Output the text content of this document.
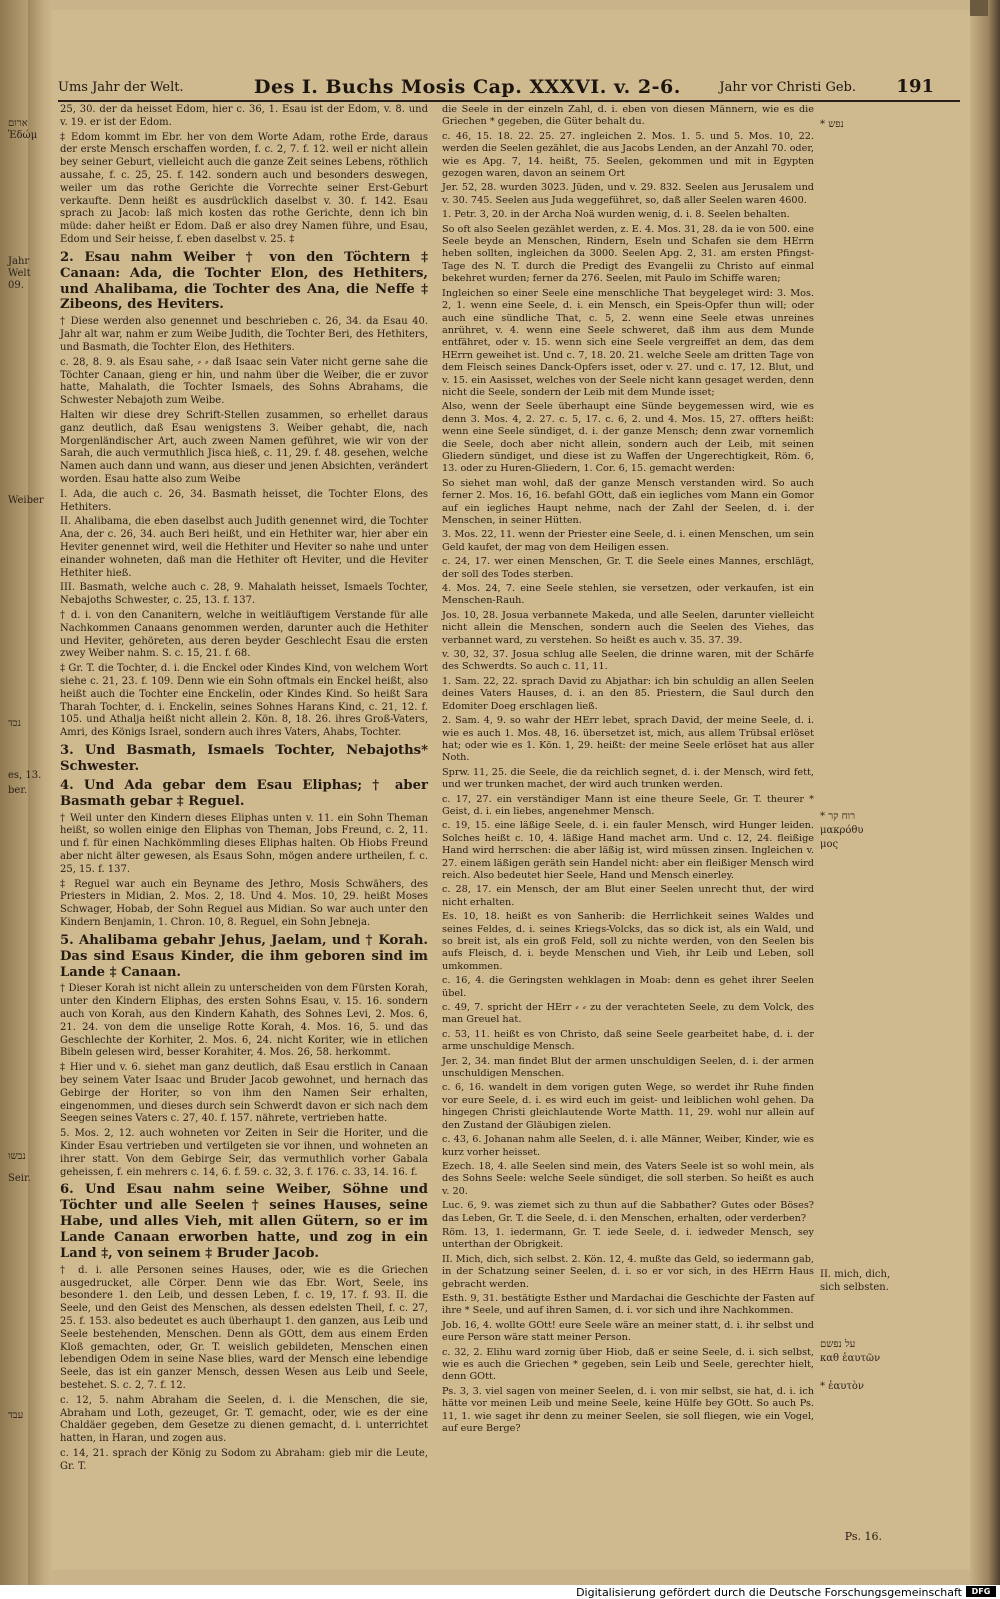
Ums Jahr der Welt.	Des I. Buchs Mosis Cap. XXXVI. v. 2-6.	Jahr vor Christi Geb. 191

25, 30. der da heisset Edom, hier c. 36, 1. Esau ist der Edom, v. 8. und v. 19. er ist der Edom.

‡ Edom kommt im Ebr. her von dem Worte Adam, rothe Erde, daraus der erste Mensch erschaffen worden, f. c. 2, 7. f. 12. weil er nicht allein bey seiner Geburt, vielleicht auch die ganze Zeit seines Lebens, röthlich aussahe, f. c. 25, 25. f. 142. sondern auch und besonders deswegen, weiler um das rothe Gerichte die Vorrechte seiner Erst-Geburt verkaufte. Denn heißt es ausdrücklich daselbst v. 30. f. 142. Esau sprach zu Jacob: laß mich kosten das rothe Gerichte, denn ich bin müde: daher heißt er Edom. Daß er also drey Namen führe, und Esau, Edom und Seir heisse, f. eben daselbst v. 25. ‡

2. Esau nahm Weiber † von den Töchtern ‡ Canaan: Ada, die Tochter Elon, des Hethiters, und Ahalibama, die Tochter des Ana, die Neffe ‡ Zibeons, des Heviters.

† Diese werden also genennet und beschrieben c. 26, 34. da Esau 40. Jahr alt war, nahm er zum Weibe Judith, die Tochter Beri, des Hethiters, und Basmath, die Tochter Elon, des Hethiters.

c. 28, 8. 9. als Esau sahe, ⸗ ⸗ daß Isaac sein Vater nicht gerne sahe die Töchter Canaan, gieng er hin, und nahm über die Weiber, die er zuvor hatte, Mahalath, die Tochter Ismaels, des Sohns Abrahams, die Schwester Nebajoth zum Weibe.

Halten wir diese drey Schrift-Stellen zusammen, so erhellet daraus ganz deutlich, daß Esau wenigstens 3. Weiber gehabt, die, nach Morgenländischer Art, auch zween Namen geführet, wie wir von der Sarah, die auch vermuthlich Jisca hieß, c. 11, 29. f. 48. gesehen, welche Namen auch dann und wann, aus dieser und jenen Absichten, verändert worden. Esau hatte also zum Weibe

I. Ada, die auch c. 26, 34. Basmath heisset, die Tochter Elons, des Hethiters.

II. Ahalibama, die eben daselbst auch Judith genennet wird, die Tochter Ana, der c. 26, 34. auch Beri heißt, und ein Hethiter war, hier aber ein Heviter genennet wird, weil die Hethiter und Heviter so nahe und unter einander wohneten, daß man die Hethiter oft Heviter, und die Heviter Hethiter hieß.

III. Basmath, welche auch c. 28, 9. Mahalath heisset, Ismaels Tochter, Nebajoths Schwester, c. 25, 13. f. 137.

† d. i. von den Cananitern, welche in weitläuftigem Verstande für alle Nachkommen Canaans genommen werden, darunter auch die Hethiter und Heviter, gehöreten, aus deren beyder Geschlecht Esau die ersten zwey Weiber nahm. S. c. 15, 21. f. 68.

‡ Gr. T. die Tochter, d. i. die Enckel oder Kindes Kind, von welchem Wort siehe c. 21, 23. f. 109. Denn wie ein Sohn oftmals ein Enckel heißt, also heißt auch die Tochter eine Enckelin, oder Kindes Kind. So heißt Sara Tharah Tochter, d. i. Enckelin, seines Sohnes Harans Kind, c. 21, 12. f. 105. und Athalja heißt nicht allein 2. Kön. 8, 18. 26. ihres Groß-Vaters, Amri, des Königs Israel, sondern auch ihres Vaters, Ahabs, Tochter.

3. Und Basmath, Ismaels Tochter, Nebajoths* Schwester.

4. Und Ada gebar dem Esau Eliphas; † aber Basmath gebar ‡ Reguel.

† Weil unter den Kindern dieses Eliphas unten v. 11. ein Sohn Theman heißt, so wollen einige den Eliphas von Theman, Jobs Freund, c. 2, 11. und f. für einen Nachkömmling dieses Eliphas halten. Ob Hiobs Freund aber nicht älter gewesen, als Esaus Sohn, mögen andere urtheilen, f. c. 25, 15. f. 137.

‡ Reguel war auch ein Beyname des Jethro, Mosis Schwähers, des Priesters in Midian, 2. Mos. 2, 18. Und 4. Mos. 10, 29. heißt Moses Schwager, Hobab, der Sohn Reguel aus Midian. So war auch unter den Kindern Benjamin, 1. Chron. 10, 8. Reguel, ein Sohn Jebneja.

5. Ahalibama gebahr Jehus, Jaelam, und † Korah. Das sind Esaus Kinder, die ihm geboren sind im Lande ‡ Canaan.

† Dieser Korah ist nicht allein zu unterscheiden von dem Fürsten Korah, unter den Kindern Eliphas, des ersten Sohns Esau, v. 15. 16. sondern auch von Korah, aus den Kindern Kahath, des Sohnes Levi, 2. Mos. 6, 21. 24. von dem die unselige Rotte Korah, 4. Mos. 16, 5. und das Geschlechte der Korhiter, 2. Mos. 6, 24. nicht Koriter, wie in etlichen Bibeln gelesen wird, besser Korahiter, 4. Mos. 26, 58. herkommt.

‡ Hier und v. 6. siehet man ganz deutlich, daß Esau erstlich in Canaan bey seinem Vater Isaac und Bruder Jacob gewohnet, und hernach das Gebirge der Horiter, so von ihm den Namen Seir erhalten, eingenommen, und dieses durch sein Schwerdt davon er sich nach dem Seegen seines Vaters c. 27, 40. f. 157. nährete, vertrieben hatte.

5. Mos. 2, 12. auch wohneten vor Zeiten in Seir die Horiter, und die Kinder Esau vertrieben und vertilgeten sie vor ihnen, und wohneten an ihrer statt. Von dem Gebirge Seir, das vermuthlich vorher Gabala geheissen, f. ein mehrers c. 14, 6. f. 59. c. 32, 3. f. 176. c. 33, 14. 16. f.

6. Und Esau nahm seine Weiber, Söhne und Töchter und alle Seelen † seines Hauses, seine Habe, und alles Vieh, mit allen Gütern, so er im Lande Canaan erworben hatte, und zog in ein Land ‡, von seinem ‡ Bruder Jacob.

† d. i. alle Personen seines Hauses, oder, wie es die Griechen ausgedrucket, alle Cörper. Denn wie das Ebr. Wort, Seele, ins besondere 1. den Leib, und dessen Leben, f. c. 19, 17. f. 93. II. die Seele, und den Geist des Menschen, als dessen edelsten Theil, f. c. 27, 25. f. 153. also bedeutet es auch überhaupt 1. den ganzen, aus Leib und Seele bestehenden, Menschen. Denn als GOtt, dem aus einem Erden Kloß gemachten, oder, Gr. T. weislich gebildeten, Menschen einen lebendigen Odem in seine Nase blies, ward der Mensch eine lebendige Seele, das ist ein ganzer Mensch, dessen Wesen aus Leib und Seele, bestehet. S. c. 2, 7. f. 12.

c. 12, 5. nahm Abraham die Seelen, d. i. die Menschen, die sie, Abraham und Loth, gezeuget, Gr. T. gemacht, oder, wie es der eine Chaldäer gegeben, dem Gesetze zu dienen gemacht, d. i. unterrichtet hatten, in Haran, und zogen aus.

c. 14, 21. sprach der König zu Sodom zu Abraham: gieb mir die Leute, Gr. T.

die Seele in der einzeln Zahl, d. i. eben von diesen Männern, wie es die Griechen * gegeben, die Güter behalt du.

c. 46, 15. 18. 22. 25. 27. ingleichen 2. Mos. 1. 5. und 5. Mos. 10, 22. werden die Seelen gezählet, die aus Jacobs Lenden, an der Anzahl 70. oder, wie es Apg. 7, 14. heißt, 75. Seelen, gekommen und mit in Egypten gezogen waren, davon an seinem Ort

Jer. 52, 28. wurden 3023. Jüden, und v. 29. 832. Seelen aus Jerusalem und v. 30. 745. Seelen aus Juda weggeführet, so, daß aller Seelen waren 4600.

1. Petr. 3, 20. in der Archa Noä wurden wenig, d. i. 8. Seelen behalten.

So oft also Seelen gezählet werden, z. E. 4. Mos. 31, 28. da ie von 500. eine Seele beyde an Menschen, Rindern, Eseln und Schafen sie dem HErrn heben sollten, ingleichen da 3000. Seelen Apg. 2, 31. am ersten Pfingst-Tage des N. T. durch die Predigt des Evangelii zu Christo auf einmal bekehret wurden; ferner da 276. Seelen, mit Paulo im Schiffe waren;

Ingleichen so einer Seele eine menschliche That beygeleget wird: 3. Mos. 2, 1. wenn eine Seele, d. i. ein Mensch, ein Speis-Opfer thun will; oder auch eine sündliche That, c. 5, 2. wenn eine Seele etwas unreines anrühret, v. 4. wenn eine Seele schweret, daß ihm aus dem Munde entfähret, oder v. 15. wenn sich eine Seele vergreiffet an dem, das dem HErrn geweihet ist. Und c. 7, 18. 20. 21. welche Seele am dritten Tage von dem Fleisch seines Danck-Opfers isset, oder v. 27. und c. 17, 12. Blut, und v. 15. ein Aasisset, welches von der Seele nicht kann gesaget werden, denn nicht die Seele, sondern der Leib mit dem Munde isset;

Also, wenn der Seele überhaupt eine Sünde beygemessen wird, wie es denn 3. Mos. 4, 2. 27. c. 5, 17. c. 6, 2. und 4. Mos. 15, 27. offters heißt: wenn eine Seele sündiget, d. i. der ganze Mensch; denn zwar vornemlich die Seele, doch aber nicht allein, sondern auch der Leib, mit seinen Gliedern sündiget, und diese ist zu Waffen der Ungerechtigkeit, Röm. 6, 13. oder zu Huren-Gliedern, 1. Cor. 6, 15. gemacht werden:

So siehet man wohl, daß der ganze Mensch verstanden wird. So auch ferner 2. Mos. 16, 16. befahl GOtt, daß ein iegliches vom Mann ein Gomor auf ein iegliches Haupt nehme, nach der Zahl der Seelen, d. i. der Menschen, in seiner Hütten.

3. Mos. 22, 11. wenn der Priester eine Seele, d. i. einen Menschen, um sein Geld kaufet, der mag von dem Heiligen essen.

c. 24, 17. wer einen Menschen, Gr. T. die Seele eines Mannes, erschlägt, der soll des Todes sterben.

4. Mos. 24, 7. eine Seele stehlen, sie versetzen, oder verkaufen, ist ein Menschen-Rauh.

Jos. 10, 28. Josua verbannete Makeda, und alle Seelen, darunter vielleicht nicht allein die Menschen, sondern auch die Seelen des Viehes, das verbannet ward, zu verstehen. So heißt es auch v. 35. 37. 39.

v. 30, 32, 37. Josua schlug alle Seelen, die drinne waren, mit der Schärfe des Schwerdts. So auch c. 11, 11.

1. Sam. 22, 22. sprach David zu Abjathar: ich bin schuldig an allen Seelen deines Vaters Hauses, d. i. an den 85. Priestern, die Saul durch den Edomiter Doeg erschlagen ließ.

2. Sam. 4, 9. so wahr der HErr lebet, sprach David, der meine Seele, d. i. wie es auch 1. Mos. 48, 16. übersetzet ist, mich, aus allem Trübsal erlöset hat; oder wie es 1. Kön. 1, 29. heißt: der meine Seele erlöset hat aus aller Noth.

Sprw. 11, 25. die Seele, die da reichlich segnet, d. i. der Mensch, wird fett, und wer trunken machet, der wird auch trunken werden.

c. 17, 27. ein verständiger Mann ist eine theure Seele, Gr. T. theurer * Geist, d. i. ein liebes, angenehmer Mensch.

c. 19, 15. eine läßige Seele, d. i. ein fauler Mensch, wird Hunger leiden. Solches heißt c. 10, 4. läßige Hand machet arm. Und c. 12, 24. fleißige Hand wird herrschen: die aber läßig ist, wird müssen zinsen. Ingleichen v. 27. einem läßigen geräth sein Handel nicht: aber ein fleißiger Mensch wird reich. Also bedeutet hier Seele, Hand und Mensch einerley.

c. 28, 17. ein Mensch, der am Blut einer Seelen unrecht thut, der wird nicht erhalten.

Es. 10, 18. heißt es von Sanherib: die Herrlichkeit seines Waldes und seines Feldes, d. i. seines Kriegs-Volcks, das so dick ist, als ein Wald, und so breit ist, als ein groß Feld, soll zu nichte werden, von den Seelen bis aufs Fleisch, d. i. beyde Menschen und Vieh, ihr Leib und Leben, soll umkommen.

c. 16, 4. die Geringsten wehklagen in Moab: denn es gehet ihrer Seelen übel.

c. 49, 7. spricht der HErr ⸗ ⸗ zu der verachteten Seele, zu dem Volck, des man Greuel hat.

c. 53, 11. heißt es von Christo, daß seine Seele gearbeitet habe, d. i. der arme unschuldige Mensch.

Jer. 2, 34. man findet Blut der armen unschuldigen Seelen, d. i. der armen unschuldigen Menschen.

c. 6, 16. wandelt in dem vorigen guten Wege, so werdet ihr Ruhe finden vor eure Seele, d. i. es wird euch im geist- und leiblichen wohl gehen. Da hingegen Christi gleichlautende Worte Matth. 11, 29. wohl nur allein auf den Zustand der Gläubigen zielen.

c. 43, 6. Johanan nahm alle Seelen, d. i. alle Männer, Weiber, Kinder, wie es kurz vorher heisset.

Ezech. 18, 4. alle Seelen sind mein, des Vaters Seele ist so wohl mein, als des Sohns Seele: welche Seele sündiget, die soll sterben. So heißt es auch v. 20.

Luc. 6, 9. was ziemet sich zu thun auf die Sabbather? Gutes oder Böses? das Leben, Gr. T. die Seele, d. i. den Menschen, erhalten, oder verderben?

Röm. 13, 1. iedermann, Gr. T. iede Seele, d. i. iedweder Mensch, sey unterthan der Obrigkeit.

II. Mich, dich, sich selbst. 2. Kön. 12, 4. mußte das Geld, so iedermann gab, in der Schatzung seiner Seelen, d. i. so er vor sich, in des HErrn Haus gebracht werden.

Esth. 9, 31. bestätigte Esther und Mardachai die Geschichte der Fasten auf ihre * Seele, und auf ihren Samen, d. i. vor sich und ihre Nachkommen.

Job. 16, 4. wollte GOtt! eure Seele wäre an meiner statt, d. i. ihr selbst und eure Person wäre statt meiner Person.

c. 32, 2. Elihu ward zornig über Hiob, daß er seine Seele, d. i. sich selbst, wie es auch die Griechen * gegeben, sein Leib und Seele, gerechter hielt, denn GOtt.

Ps. 3, 3. viel sagen von meiner Seelen, d. i. von mir selbst, sie hat, d. i. ich hätte vor meinen Leib und meine Seele, keine Hülfe bey GOtt. So auch Ps. 11, 1. wie saget ihr denn zu meiner Seelen, sie soll fliegen, wie ein Vogel, auf eure Berge?

ארום
Ἐδώμ
Jahr
Welt
09.
Weiber
נכד
es, 13.
ber.
נבשו
Seir.
עבד
* נפש
* רוח קר
μακρόθυ
μος
II. mich, dich,
sich selbsten.
על נפשם
καθ ἑαυτῶν
* ἑαυτὸν
Ps. 16.
Digitalisierung gefördert durch die Deutsche Forschungsgemeinschaft	DFG
